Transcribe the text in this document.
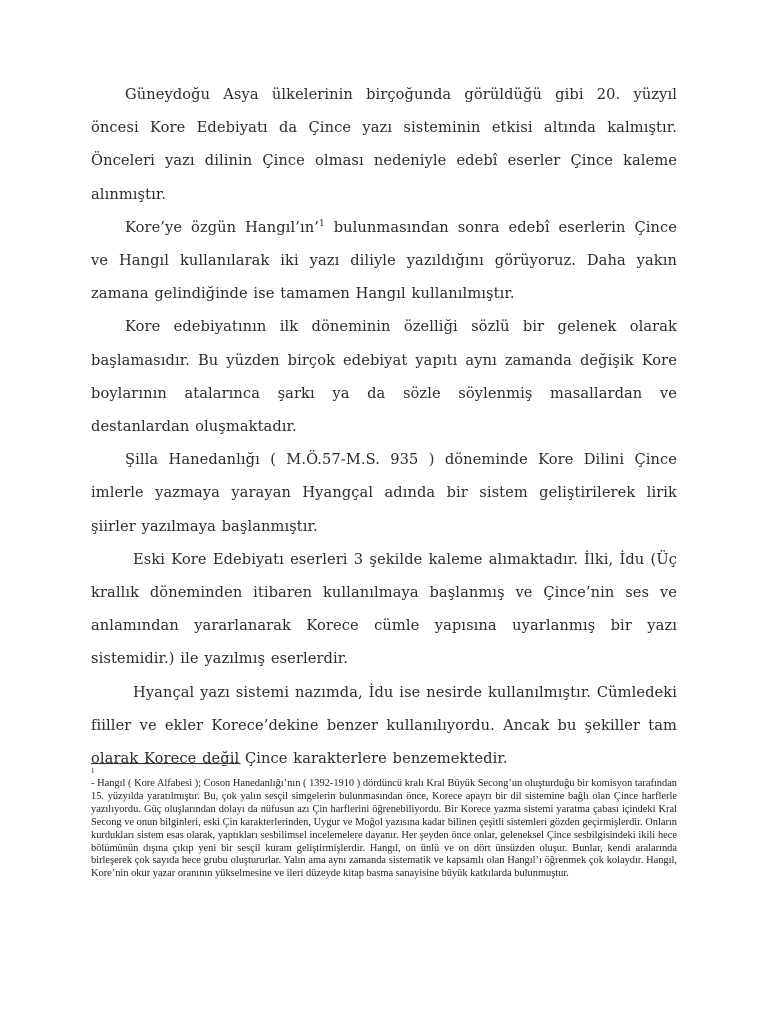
Güneydoğu Asya ülkelerinin birçoğunda görüldüğü gibi 20. yüzyıl öncesi Kore Edebiyatı da Çince yazı sisteminin etkisi altında kalmıştır. Önceleri yazı dilinin Çince olması nedeniyle edebî eserler Çince kaleme alınmıştır.

Kore’ye özgün Hangıl’ın’$^1$ bulunmasından sonra edebî eserlerin Çince ve Hangıl kullanılarak iki yazı diliyle yazıldığını görüyoruz. Daha yakın zamana gelindiğinde ise tamamen Hangıl kullanılmıştır.

Kore edebiyatının ilk döneminin özelliği sözlü bir gelenek olarak başlamasıdır. Bu yüzden birçok edebiyat yapıtı aynı zamanda değişik Kore boylarının atalarınca şarkı ya da sözle söylenmiş masallardan ve destanlardan oluşmaktadır.

Şilla Hanedanlığı ( M.Ö.57-M.S. 935 ) döneminde Kore Dilini Çince imlerle yazmaya yarayan Hyangçal adında bir sistem geliştirilerek lirik şiirler yazılmaya başlanmıştır.

Eski Kore Edebiyatı eserleri 3 şekilde kaleme alımaktadır. İlki, İdu (Üç krallık döneminden itibaren kullanılmaya başlanmış ve Çince’nin ses ve anlamından yararlanarak Korece cümle yapısına uyarlanmış bir yazı sistemidir.) ile yazılmış eserlerdir.

Hyançal yazı sistemi nazımda, İdu ise nesirde kullanılmıştır. Cümledeki fiiller ve ekler Korece’dekine benzer kullanılıyordu. Ancak bu şekiller tam olarak Korece değil Çince karakterlere benzemektedir.

1

- Hangıl ( Kore Alfabesi ); Coson Hanedanlığı’nın ( 1392-1910 ) dördüncü kralı Kral Büyük Secong’un oluşturduğu bir komisyon tarafından 15. yüzyılda yaratılmıştır. Bu, çok yalın sesçil simgelerin bulunmasından önce, Korece apayrı bir dil sistemine bağlı olan Çince harflerle yazılıyordu. Güç oluşlarından dolayı da nüfusun azı Çin harflerini öğrenebiliyordu. Bir Korece yazma sistemi yaratma çabası içindeki Kral Secong ve onun bilginleri, eski Çin karakterlerinden, Uygur ve Moğol yazısına kadar bilinen çeşitli sistemleri gözden geçirmişlerdir. Onların kurdukları sistem esas olarak, yaptıkları sesbilimsel incelemelere dayanır. Her şeyden önce onlar, geleneksel Çince sesbilgisindeki ikili hece bölümünün dışına çıkıp yeni bir sesçil kuram geliştirmişlerdir. Hangıl, on ünlü ve on dört ünsüzden oluşur. Bunlar, kendi aralarında birleşerek çok sayıda hece grubu oluştururlar. Yalın ama aynı zamanda sistematik ve kapsamlı olan Hangıl’ı öğrenmek çok kolaydır. Hangıl, Kore’nin okur yazar oranının yükselmesine ve ileri düzeyde kitap basma sanayisine büyük katkılarda bulunmuştur.
